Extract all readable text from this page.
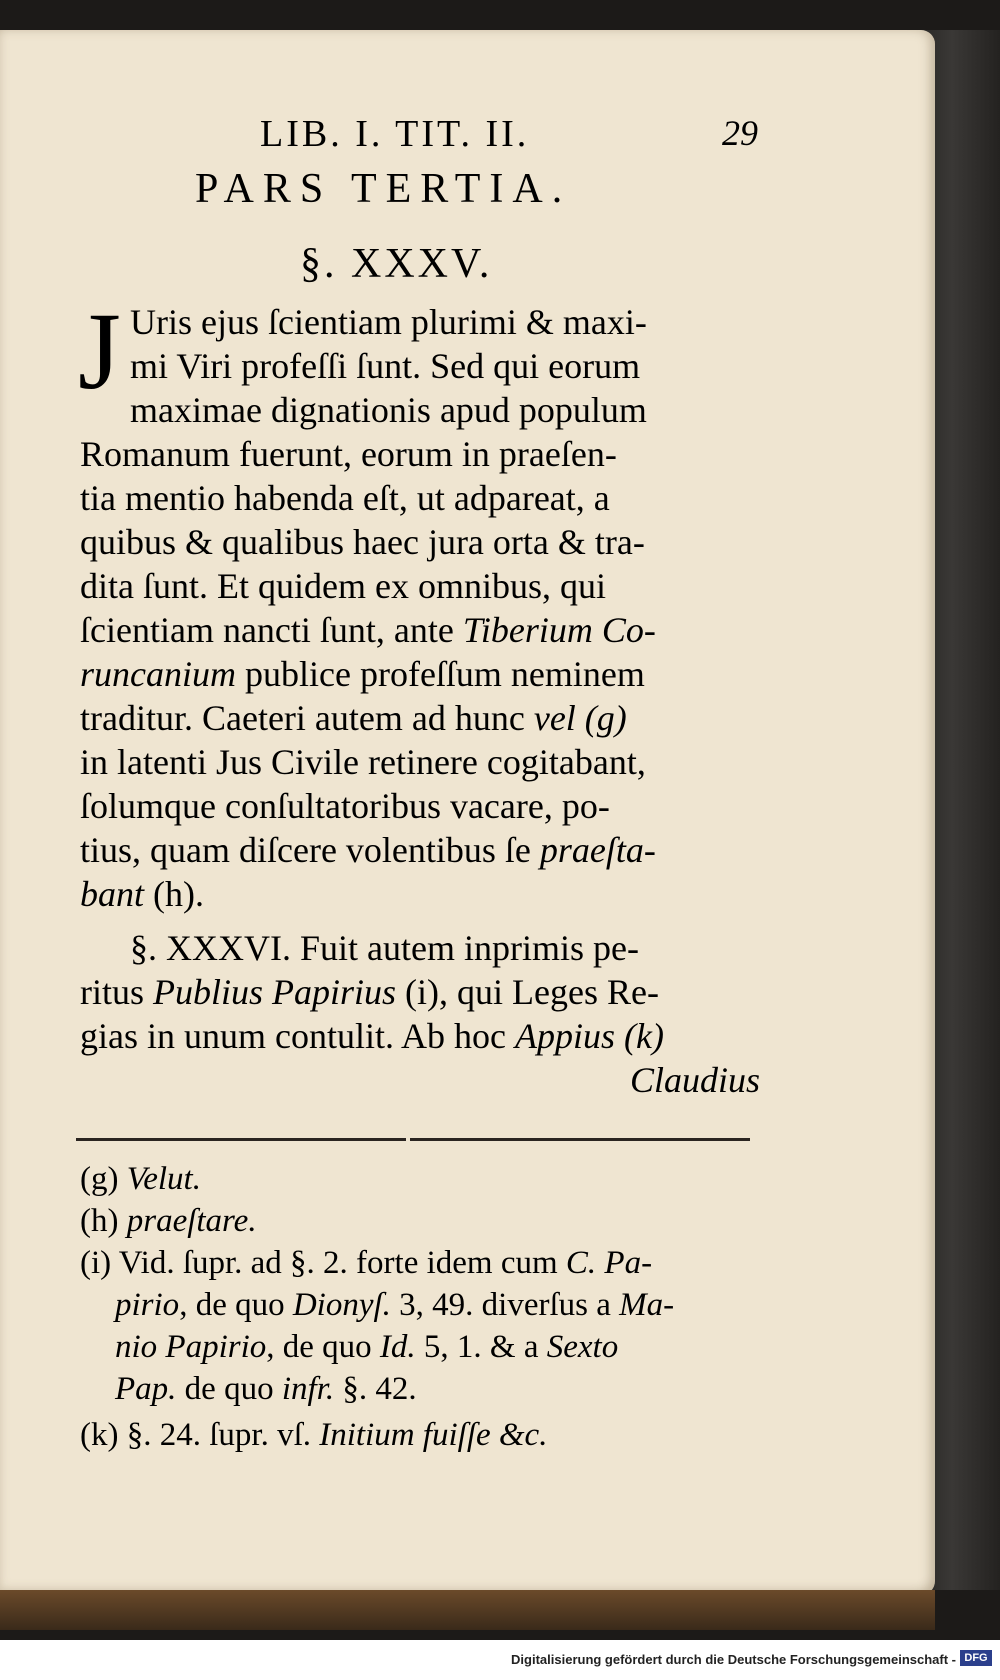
LIB. I. TIT. II.	29
PARS TERTIA.
§. XXXV.
J Uris ejus ſcientiam plurimi & maxi-
mi Viri profeſſi ſunt. Sed qui eorum
maximae dignationis apud populum
Romanum fuerunt, eorum in praeſen-
tia mentio habenda eſt, ut adpareat, a
quibus & qualibus haec jura orta & tra-
dita ſunt. Et quidem ex omnibus, qui
ſcientiam nancti ſunt, ante Tiberium Co-
runcanium publice profeſſum neminem
traditur. Caeteri autem ad hunc vel (g)
in latenti Jus Civile retinere cogitabant,
ſolumque conſultatoribus vacare, po-
tius, quam diſcere volentibus ſe praeſta-
bant (h).
§. XXXVI. Fuit autem inprimis pe-
ritus Publius Papirius (i), qui Leges Re-
gias in unum contulit. Ab hoc Appius (k)
Claudius
(g) Velut.
(h) praeſtare.
(i) Vid. ſupr. ad §. 2. forte idem cum C. Pa-
pirio, de quo Dionyſ. 3, 49. diverſus a Ma-
nio Papirio, de quo Id. 5, 1. & a Sexto
Pap. de quo infr. §. 42.
(k) §. 24. ſupr. vſ. Initium fuiſſe &c.
Digitalisierung gefördert durch die Deutsche Forschungsgemeinschaft - DFG
